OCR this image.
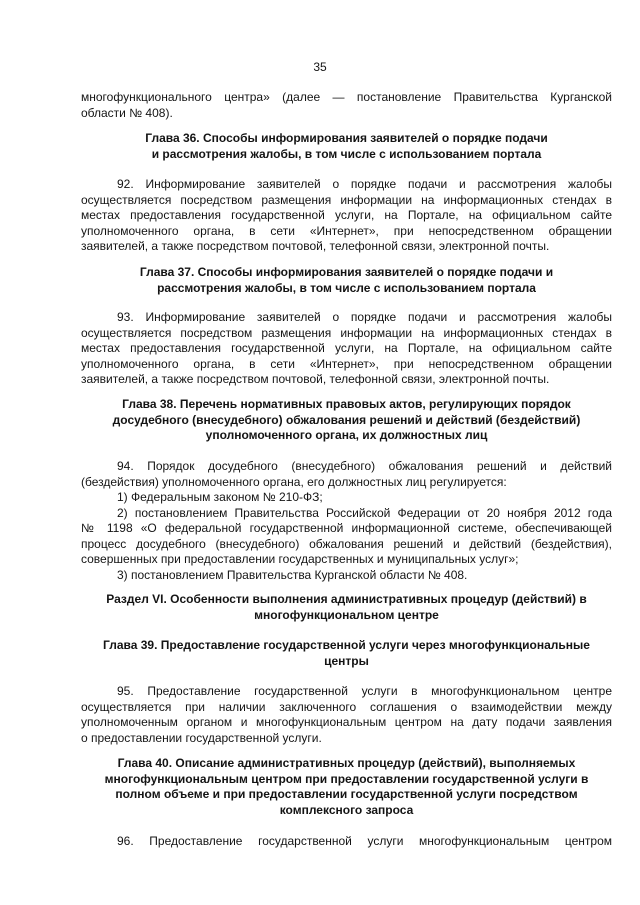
35
многофункционального центра» (далее — постановление Правительства Курганской
области № 408).
Глава 36. Способы информирования заявителей о порядке подачи
и рассмотрения жалобы, в том числе с использованием портала
92. Информирование заявителей о порядке подачи и рассмотрения жалобы
осуществляется посредством размещения информации на информационных стендах в
местах предоставления государственной услуги, на Портале, на официальном сайте
уполномоченного органа, в сети «Интернет», при непосредственном обращении
заявителей, а также посредством почтовой, телефонной связи, электронной почты.
Глава 37. Способы информирования заявителей о порядке подачи и
рассмотрения жалобы, в том числе с использованием портала
93. Информирование заявителей о порядке подачи и рассмотрения жалобы
осуществляется посредством размещения информации на информационных стендах в
местах предоставления государственной услуги, на Портале, на официальном сайте
уполномоченного органа, в сети «Интернет», при непосредственном обращении
заявителей, а также посредством почтовой, телефонной связи, электронной почты.
Глава 38. Перечень нормативных правовых актов, регулирующих порядок
досудебного (внесудебного) обжалования решений и действий (бездействий)
уполномоченного органа, их должностных лиц
94. Порядок досудебного (внесудебного) обжалования решений и действий
(бездействия) уполномоченного органа, его должностных лиц регулируется:
1) Федеральным законом № 210-ФЗ;
2) постановлением Правительства Российской Федерации от 20 ноября 2012 года
№ 1198 «О федеральной государственной информационной системе, обеспечивающей
процесс досудебного (внесудебного) обжалования решений и действий (бездействия),
совершенных при предоставлении государственных и муниципальных услуг»;
3) постановлением Правительства Курганской области № 408.
Раздел VI. Особенности выполнения административных процедур (действий) в
многофункциональном центре
Глава 39. Предоставление государственной услуги через многофункциональные
центры
95. Предоставление государственной услуги в многофункциональном центре
осуществляется при наличии заключенного соглашения о взаимодействии между
уполномоченным органом и многофункциональным центром на дату подачи заявления
о предоставлении государственной услуги.
Глава 40. Описание административных процедур (действий), выполняемых
многофункциональным центром при предоставлении государственной услуги в
полном объеме и при предоставлении государственной услуги посредством
комплексного запроса
96. Предоставление государственной услуги многофункциональным центром
